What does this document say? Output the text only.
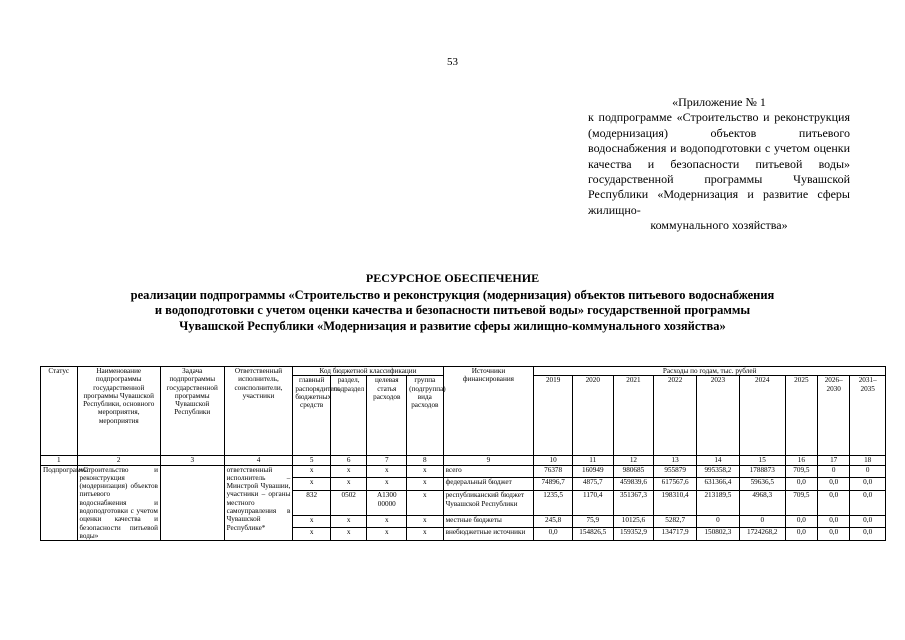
53
«Приложение № 1
к подпрограмме «Строительство и реконструкция (модернизация) объектов питьевого водоснабжения и водоподготовки с учетом оценки качества и безопасности питьевой воды» государственной программы Чувашской Республики «Модернизация и развитие сферы жилищно-
коммунального хозяйства»
РЕСУРСНОЕ ОБЕСПЕЧЕНИЕ
реализации подпрограммы «Строительство и реконструкция (модернизация) объектов питьевого водоснабжения
и водоподготовки с учетом оценки качества и безопасности питьевой воды» государственной программы
Чувашской Республики «Модернизация и развитие сферы жилищно-коммунального хозяйства»
Статус	Наименование подпрограммы государственной программы Чувашской Республики, основного мероприятия, мероприятия	Задача подпрограммы государственной программы Чувашской Республики	Ответственный исполнитель, соисполнители, участники	Код бюджетной классификации				Источники финансирования	Расходы по годам, тыс. рублей								
				главный распорядитель бюджетных средств	раздел, подраздел	целевая статья расходов	группа (подгруппа) вида расходов		2019	2020	2021	2022	2023	2024	2025	2026–2030	2031–2035
1	2	3	4	5	6	7	8	9	10	11	12	13	14	15	16	17	18
Подпрограмма	«Строительство и реконструкция (модернизация) объектов питьевого водоснабжения и водоподготовки с учетом оценки качества и безопасности питьевой воды»		ответственный исполнитель – Минстрой Чувашии, участники – органы местного самоуправления в Чувашской Республике*	x	x	x	x	всего	76378	160949	980685	955879	995358,2	1788873	709,5	0	0
				x	x	x	x	федеральный бюджет	74896,7	4875,7	459839,6	617567,6	631366,4	59636,5	0,0	0,0	0,0
				832	0502	А1300 00000	x	республиканский бюджет Чувашской Республики	1235,5	1170,4	351367,3	198310,4	213189,5	4968,3	709,5	0,0	0,0
				x	x	x	x	местные бюджеты	245,8	75,9	10125,6	5282,7	0	0	0,0	0,0	0,0
				x	x	x	x	внебюджетные источники	0,0	154826,5	159352,9	134717,9	150802,3	1724268,2	0,0	0,0	0,0
